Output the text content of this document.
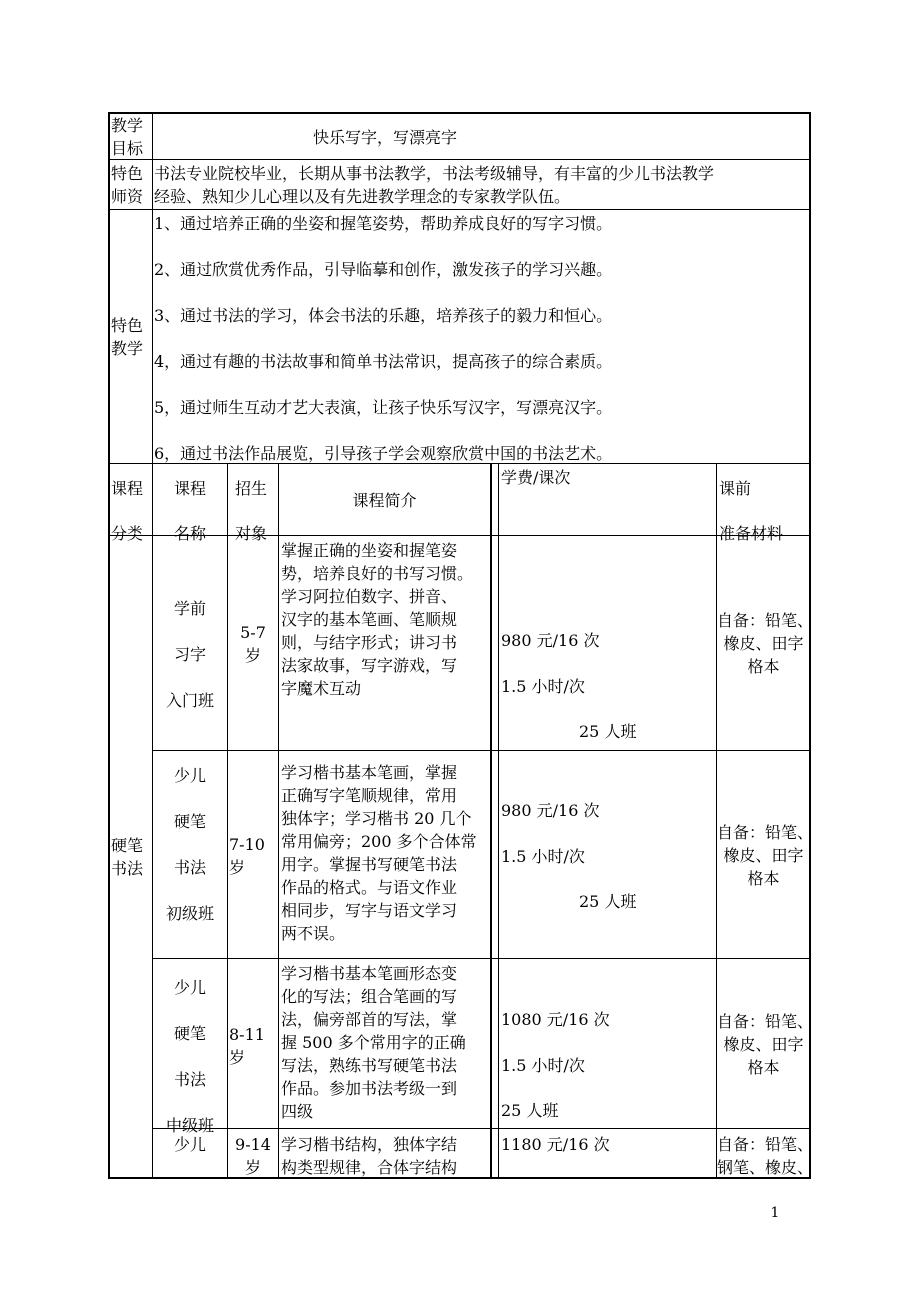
教学
目标
快乐写字，写漂亮字
特色
师资
书法专业院校毕业，长期从事书法教学，书法考级辅导，有丰富的少儿书法教学
经验、熟知少儿心理以及有先进教学理念的专家教学队伍。
特色
教学
1、通过培养正确的坐姿和握笔姿势，帮助养成良好的写字习惯。
2、通过欣赏优秀作品，引导临摹和创作，激发孩子的学习兴趣。
3、通过书法的学习，体会书法的乐趣，培养孩子的毅力和恒心。
4，通过有趣的书法故事和简单书法常识，提高孩子的综合素质。
5，通过师生互动才艺大表演，让孩子快乐写汉字，写漂亮汉字。
6，通过书法作品展览，引导孩子学会观察欣赏中国的书法艺术。
课程
分类
课程
名称
招生
对象
课程简介
学费/课次
课前
准备材料
硬笔
书法
学前
习字
入门班
5-7
岁
掌握正确的坐姿和握笔姿
势，培养良好的书写习惯。
学习阿拉伯数字、拼音、
汉字的基本笔画、笔顺规
则，与结字形式；讲习书
法家故事，写字游戏，写
字魔术互动
980 元/16 次
1.5 小时/次
25 人班
自备：铅笔、
橡皮、田字
格本
少儿
硬笔
书法
初级班
7-10
岁
学习楷书基本笔画，掌握
正确写字笔顺规律，常用
独体字；学习楷书 20 几个
常用偏旁；200 多个合体常
用字。掌握书写硬笔书法
作品的格式。与语文作业
相同步，写字与语文学习
两不误。
980 元/16 次
1.5 小时/次
25 人班
自备：铅笔、
橡皮、田字
格本
少儿
硬笔
书法
中级班
8-11
岁
学习楷书基本笔画形态变
化的写法；组合笔画的写
法，偏旁部首的写法，掌
握 500 多个常用字的正确
写法，熟练书写硬笔书法
作品。参加书法考级一到
四级
1080 元/16 次
1.5 小时/次
25 人班
自备：铅笔、
橡皮、田字
格本
少儿	9-14
岁
学习楷书结构，独体字结
构类型规律，合体字结构
1180 元/16 次	自备：铅笔、
钢笔、橡皮、
1
